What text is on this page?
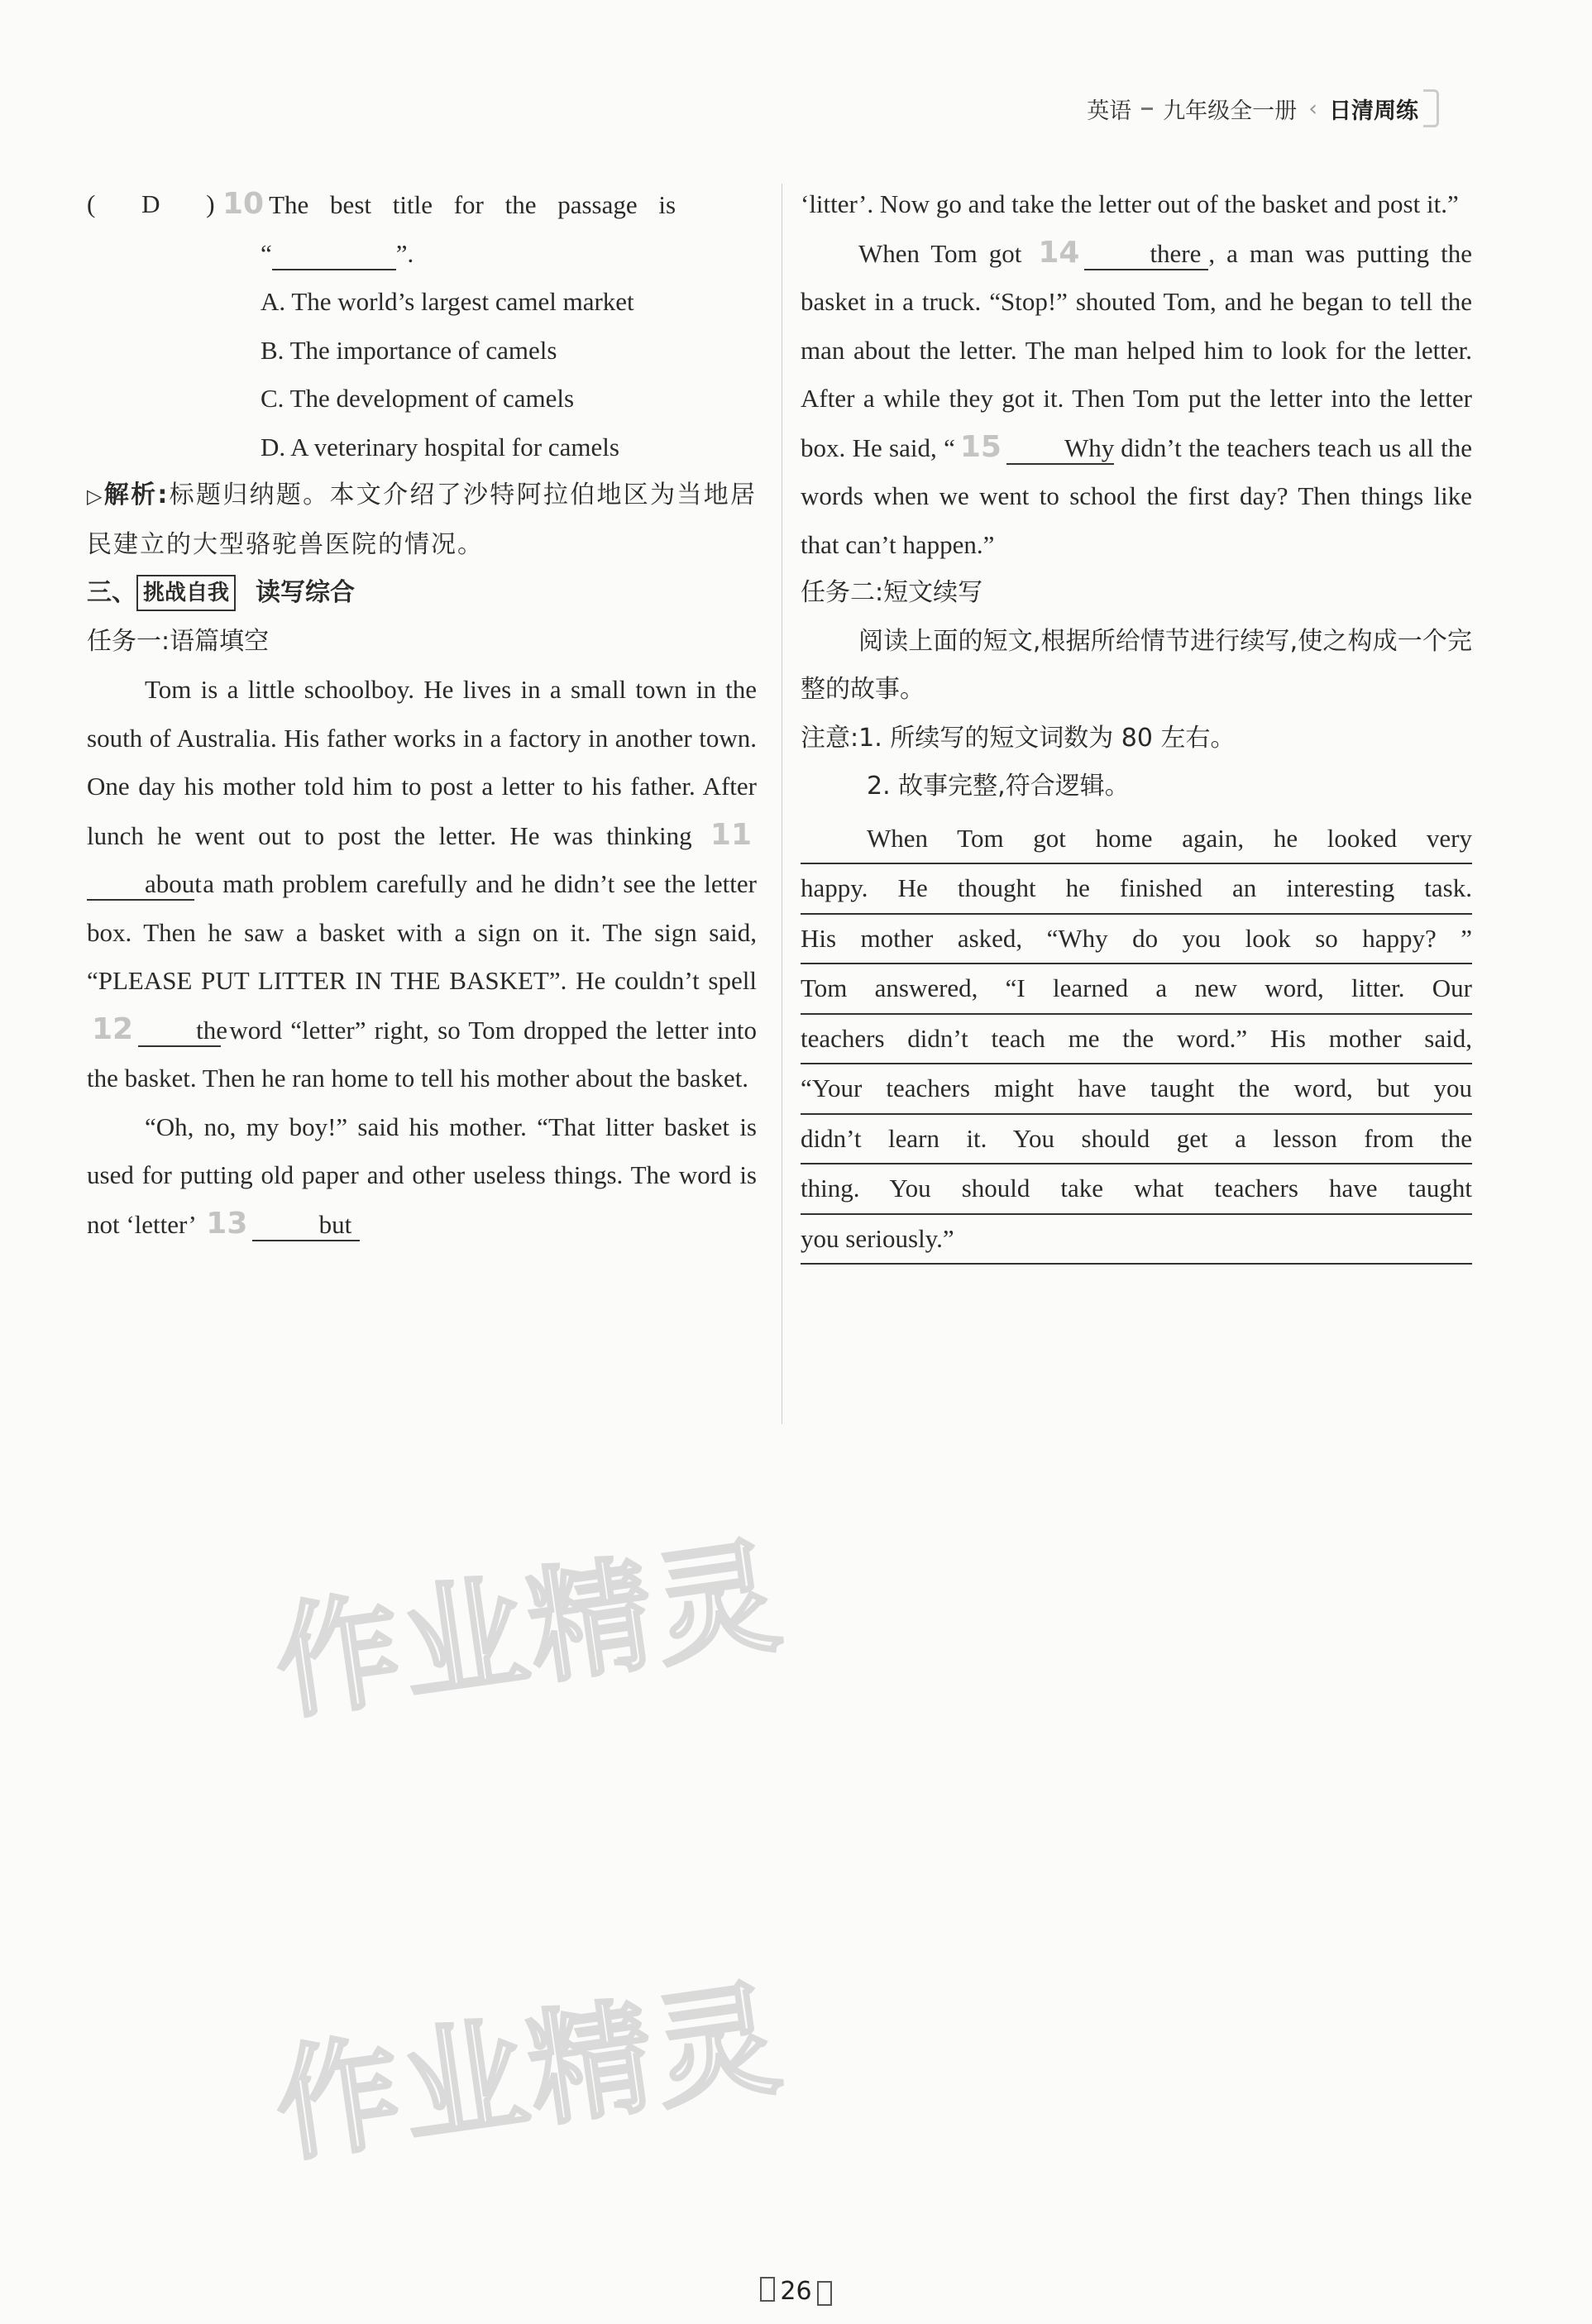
英语 九年级全一册 ‹ 日清周练
( D )

10 The best title for the passage is

“	”.

A. The world’s largest camel market

B. The importance of camels

C. The development of camels

D. A veterinary hospital for camels

▷解析:标题归纳题。本文介绍了沙特阿拉伯地区为当地居民建立的大型骆驼兽医院的情况。

三、 挑战自我 读写综合

任务一:语篇填空

Tom is a little schoolboy. He lives in a small town in the south of Australia. His father works in a factory in another town. One day his mother told him to post a letter to his father. After lunch he went out to post the letter. He was thinking 11about a math problem carefully and he didn’t see the letter box. Then he saw a basket with a sign on it. The sign said, “PLEASE PUT LITTER IN THE BASKET”. He couldn’t spell 12 the word “letter” right, so Tom dropped the letter into the basket. Then he ran home to tell his mother about the basket.

“Oh, no, my boy!” said his mother. “That litter basket is used for putting old paper and other useless things. The word is not ‘letter’ 13	but

‘litter’. Now go and take the letter out of the basket and post it.”

When Tom got 14	there , a man was putting the basket in a truck. “Stop!” shouted Tom, and he began to tell the man about the letter. The man helped him to look for the letter. After a while they got it. Then Tom put the letter into the letter box. He said, “ 15 Why didn’t the teachers teach us all the words when we went to school the first day? Then things like that can’t happen.”

任务二:短文续写

阅读上面的短文,根据所给情节进行续写,使之构成一个完整的故事。

注意:1. 所续写的短文词数为 80 左右。

2. 故事完整,符合逻辑。

When Tom got home again, he looked very
happy. He thought he finished an interesting task.
His mother asked, “Why do you look so happy? ”
Tom answered, “I learned a new word, litter. Our
teachers didn’t teach me the word.” His mother said,
“Your teachers might have taught the word, but you
didn’t learn it. You should get a lesson from the
thing. You should take what teachers have taught
you seriously.”
作业精灵
作业精灵
26
